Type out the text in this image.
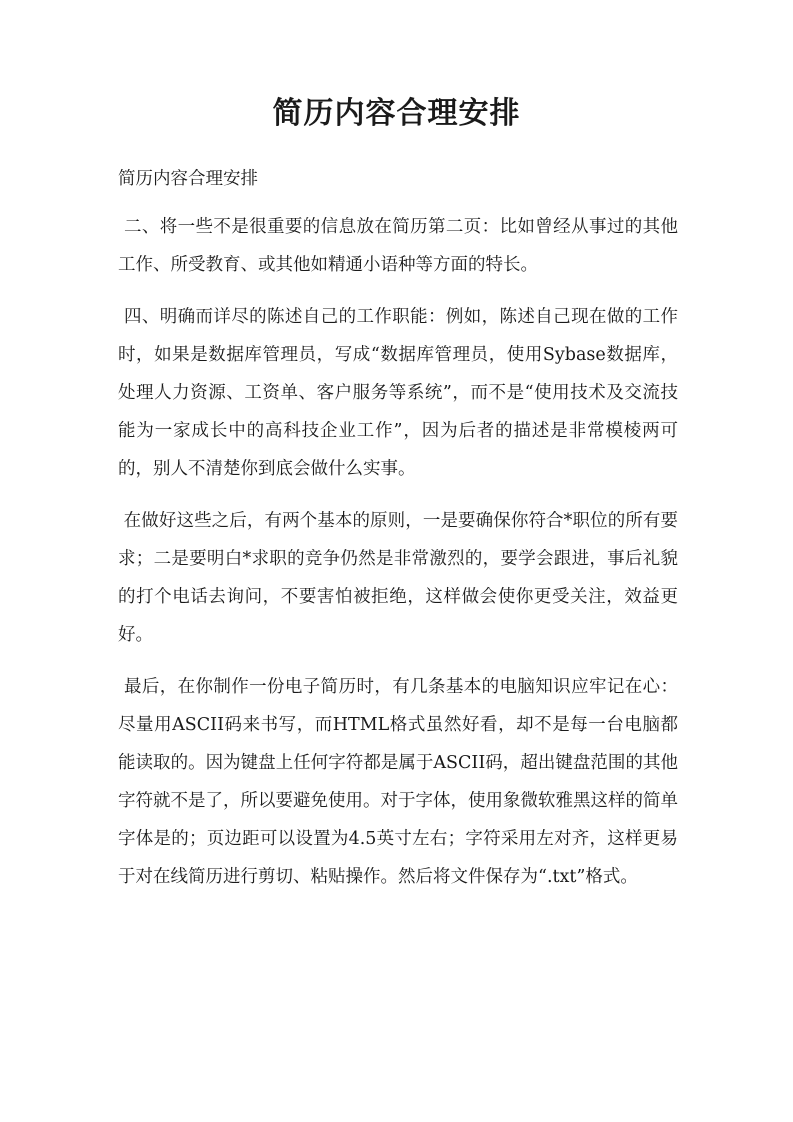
简历内容合理安排

简历内容合理安排

二、将一些不是很重要的信息放在简历第二页：比如曾经从事过的其他工作、所受教育、或其他如精通小语种等方面的特长。

四、明确而详尽的陈述自己的工作职能：例如，陈述自己现在做的工作时，如果是数据库管理员，写成“数据库管理员，使用Sybase数据库，处理人力资源、工资单、客户服务等系统”，而不是“使用技术及交流技能为一家成长中的高科技企业工作”，因为后者的描述是非常模棱两可的，别人不清楚你到底会做什么实事。

在做好这些之后，有两个基本的原则，一是要确保你符合*职位的所有要求；二是要明白*求职的竞争仍然是非常激烈的，要学会跟进，事后礼貌的打个电话去询问，不要害怕被拒绝，这样做会使你更受关注，效益更好。

最后，在你制作一份电子简历时，有几条基本的电脑知识应牢记在心：尽量用ASCII码来书写，而HTML格式虽然好看，却不是每一台电脑都能读取的。因为键盘上任何字符都是属于ASCII码，超出键盘范围的其他字符就不是了，所以要避免使用。对于字体，使用象微软雅黑这样的简单字体是的；页边距可以设置为4.5英寸左右；字符采用左对齐，这样更易于对在线简历进行剪切、粘贴操作。然后将文件保存为“.txt”格式。
